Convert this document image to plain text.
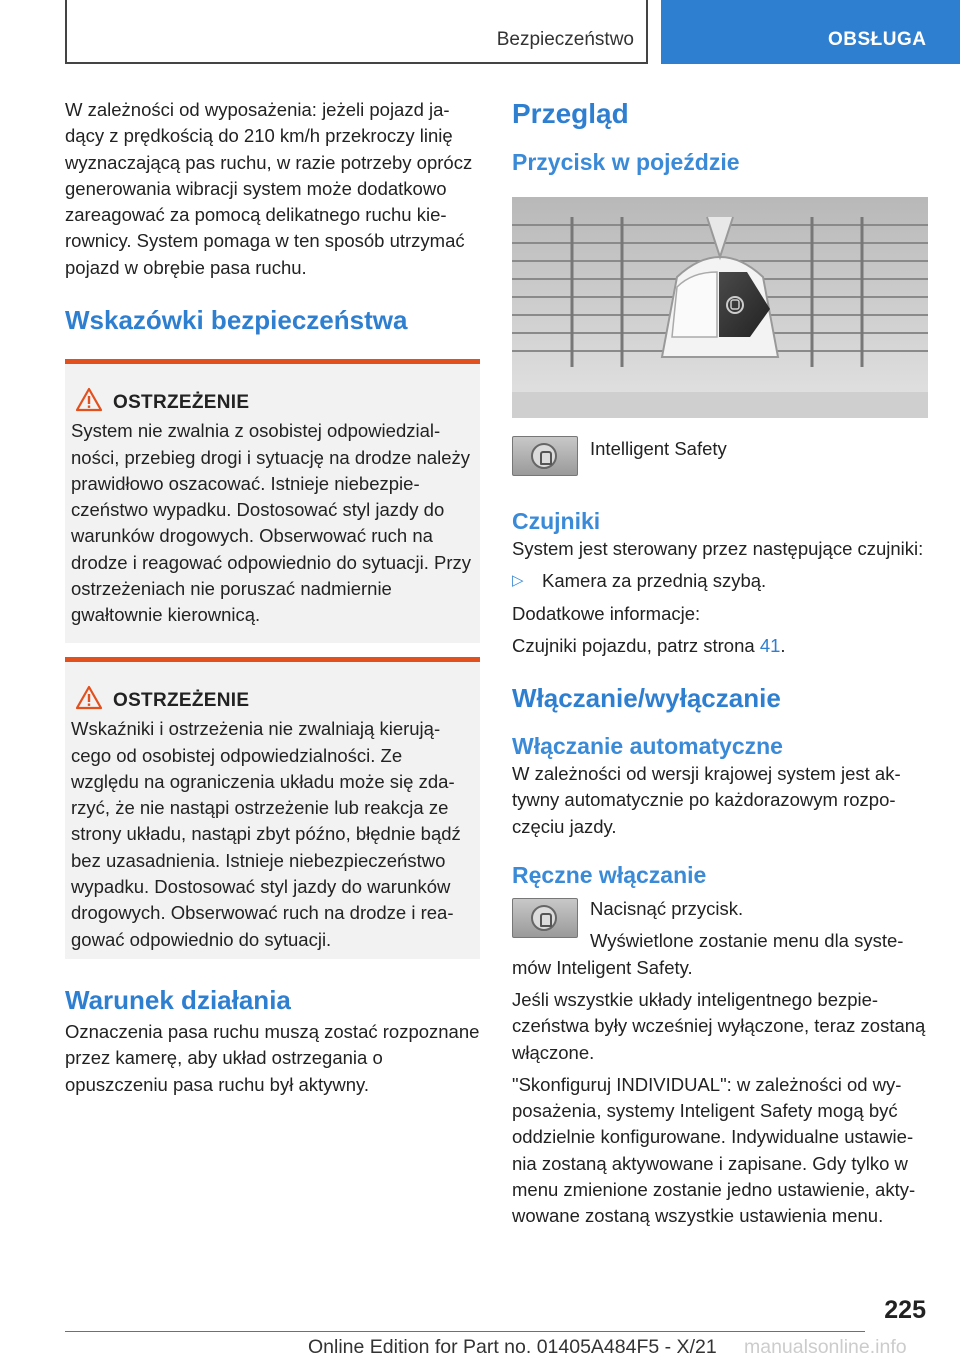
Bezpieczeństwo	OBSŁUGA

W zależności od wyposażenia: jeżeli pojazd jadący z prędkością do 210 km/h przekroczy linię wyznaczającą pas ruchu, w razie potrzeby oprócz generowania wibracji system może dodatkowo zareagować za pomocą delikatnego ruchu kierownicy. System pomaga w ten sposób utrzymać pojazd w obrębie pasa ruchu.

Wskazówki bezpieczeństwa
OSTRZEŻENIE

System nie zwalnia z osobistej odpowiedzialności, przebieg drogi i sytuację na drodze należy prawidłowo oszacować. Istnieje niebezpieczeństwo wypadku. Dostosować styl jazdy do warunków drogowych. Obserwować ruch na drodze i reagować odpowiednio do sytuacji. Przy ostrzeżeniach nie poruszać nadmiernie gwałtownie kierownicą.

OSTRZEŻENIE

Wskaźniki i ostrzeżenia nie zwalniają kierującego od osobistej odpowiedzialności. Ze względu na ograniczenia układu może się zdarzyć, że nie nastąpi ostrzeżenie lub reakcja ze strony układu, nastąpi zbyt późno, błędnie bądź bez uzasadnienia. Istnieje niebezpieczeństwo wypadku. Dostosować styl jazdy do warunków drogowych. Obserwować ruch na drodze i reagować odpowiednio do sytuacji.

Warunek działania

Oznaczenia pasa ruchu muszą zostać rozpoznane przez kamerę, aby układ ostrzegania o opuszczeniu pasa ruchu był aktywny.

Przegląd
Przycisk w pojeździe
Intelligent Safety
Czujniki

System jest sterowany przez następujące czujniki:

▷ Kamera za przednią szybą.

Dodatkowe informacje:

Czujniki pojazdu, patrz strona 41.

Włączanie/wyłączanie
Włączanie automatyczne

W zależności od wersji krajowej system jest aktywny automatycznie po każdorazowym rozpoczęciu jazdy.

Ręczne włączanie

Nacisnąć przycisk.

Wyświetlone zostanie menu dla systemów Inteligent Safety.

Jeśli wszystkie układy inteligentnego bezpieczeństwa były wcześniej wyłączone, teraz zostaną włączone.

"Skonfiguruj INDIVIDUAL": w zależności od wyposażenia, systemy Inteligent Safety mogą być oddzielnie konfigurowane. Indywidualne ustawienia zostaną aktywowane i zapisane. Gdy tylko w menu zmienione zostanie jedno ustawienie, aktywowane zostaną wszystkie ustawienia menu.

225
Online Edition for Part no. 01405A484F5 - X/21 manualsonline.info
